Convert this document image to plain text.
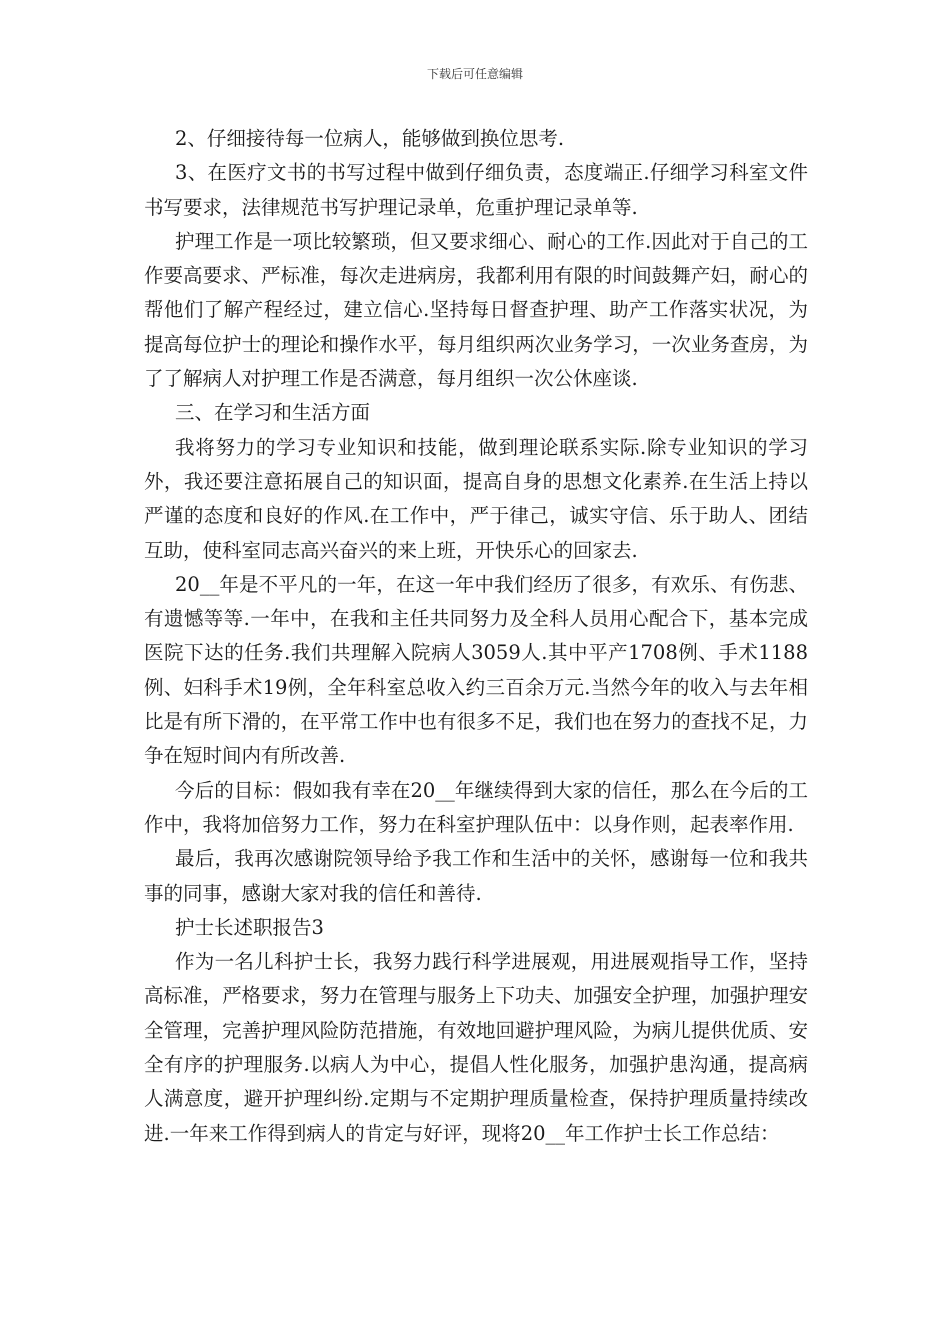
下载后可任意编辑

2、仔细接待每一位病人，能够做到换位思考.

3、在医疗文书的书写过程中做到仔细负责，态度端正.仔细学习科室文件书写要求，法律规范书写护理记录单，危重护理记录单等.

护理工作是一项比较繁琐，但又要求细心、耐心的工作.因此对于自己的工作要高要求、严标准，每次走进病房，我都利用有限的时间鼓舞产妇，耐心的帮他们了解产程经过，建立信心.坚持每日督查护理、助产工作落实状况，为提高每位护士的理论和操作水平，每月组织两次业务学习，一次业务查房，为了了解病人对护理工作是否满意，每月组织一次公休座谈.

三、在学习和生活方面

我将努力的学习专业知识和技能，做到理论联系实际.除专业知识的学习外，我还要注意拓展自己的知识面，提高自身的思想文化素养.在生活上持以严谨的态度和良好的作风.在工作中，严于律己，诚实守信、乐于助人、团结互助，使科室同志高兴奋兴的来上班，开快乐心的回家去.

20__年是不平凡的一年，在这一年中我们经历了很多，有欢乐、有伤悲、有遗憾等等.一年中，在我和主任共同努力及全科人员用心配合下，基本完成医院下达的任务.我们共理解入院病人3059人.其中平产1708例、手术1188例、妇科手术19例，全年科室总收入约三百余万元.当然今年的收入与去年相比是有所下滑的，在平常工作中也有很多不足，我们也在努力的查找不足，力争在短时间内有所改善.

今后的目标：假如我有幸在20__年继续得到大家的信任，那么在今后的工作中，我将加倍努力工作，努力在科室护理队伍中：以身作则，起表率作用.

最后，我再次感谢院领导给予我工作和生活中的关怀，感谢每一位和我共事的同事，感谢大家对我的信任和善待.

护士长述职报告3

作为一名儿科护士长，我努力践行科学进展观，用进展观指导工作，坚持高标准，严格要求，努力在管理与服务上下功夫、加强安全护理，加强护理安全管理，完善护理风险防范措施，有效地回避护理风险，为病儿提供优质、安全有序的护理服务.以病人为中心，提倡人性化服务，加强护患沟通，提高病人满意度，避开护理纠纷.定期与不定期护理质量检查，保持护理质量持续改进.一年来工作得到病人的肯定与好评，现将20__年工作护士长工作总结：
